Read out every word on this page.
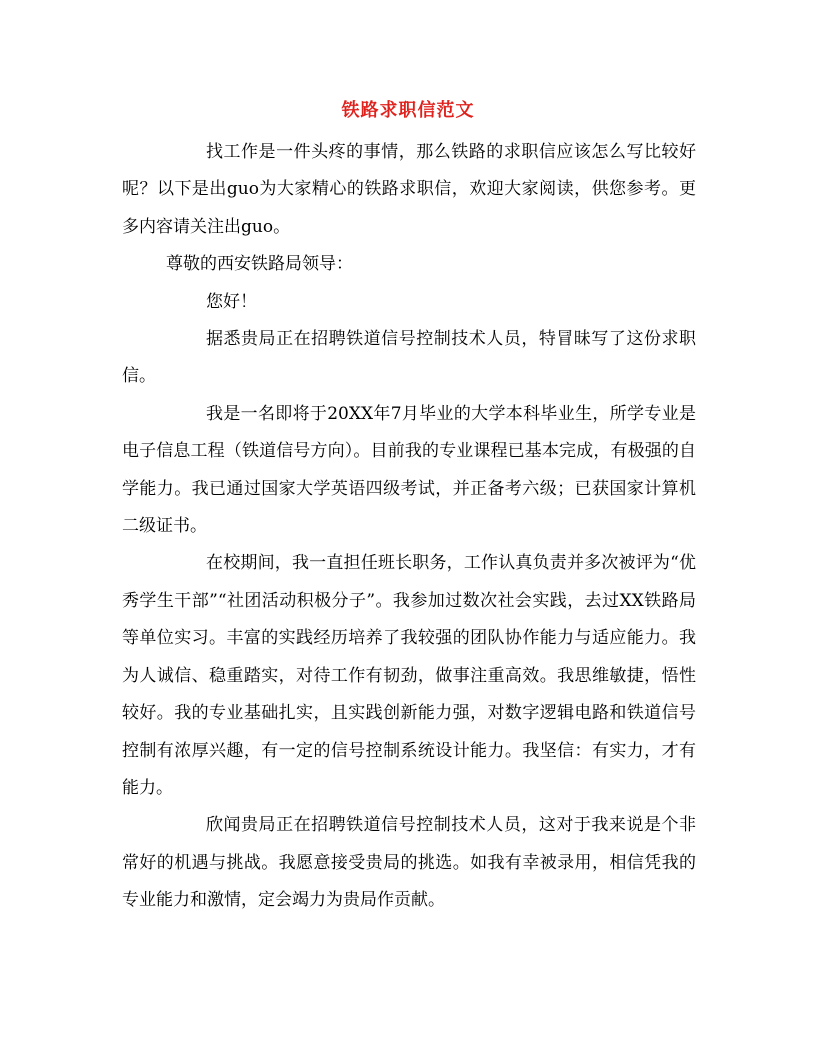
铁路求职信范文

找工作是一件头疼的事情，那么铁路的求职信应该怎么写比较好呢？以下是出guo为大家精心的铁路求职信，欢迎大家阅读，供您参考。更多内容请关注出guo。

尊敬的西安铁路局领导：

您好！

据悉贵局正在招聘铁道信号控制技术人员，特冒昧写了这份求职信。

我是一名即将于20XX年7月毕业的大学本科毕业生，所学专业是电子信息工程（铁道信号方向）。目前我的专业课程已基本完成，有极强的自学能力。我已通过国家大学英语四级考试，并正备考六级；已获国家计算机二级证书。

在校期间，我一直担任班长职务，工作认真负责并多次被评为“优秀学生干部”“社团活动积极分子”。我参加过数次社会实践，去过XX铁路局等单位实习。丰富的实践经历培养了我较强的团队协作能力与适应能力。我为人诚信、稳重踏实，对待工作有韧劲，做事注重高效。我思维敏捷，悟性较好。我的专业基础扎实，且实践创新能力强，对数字逻辑电路和铁道信号控制有浓厚兴趣，有一定的信号控制系统设计能力。我坚信：有实力，才有能力。

欣闻贵局正在招聘铁道信号控制技术人员，这对于我来说是个非常好的机遇与挑战。我愿意接受贵局的挑选。如我有幸被录用，相信凭我的专业能力和激情，定会竭力为贵局作贡献。
